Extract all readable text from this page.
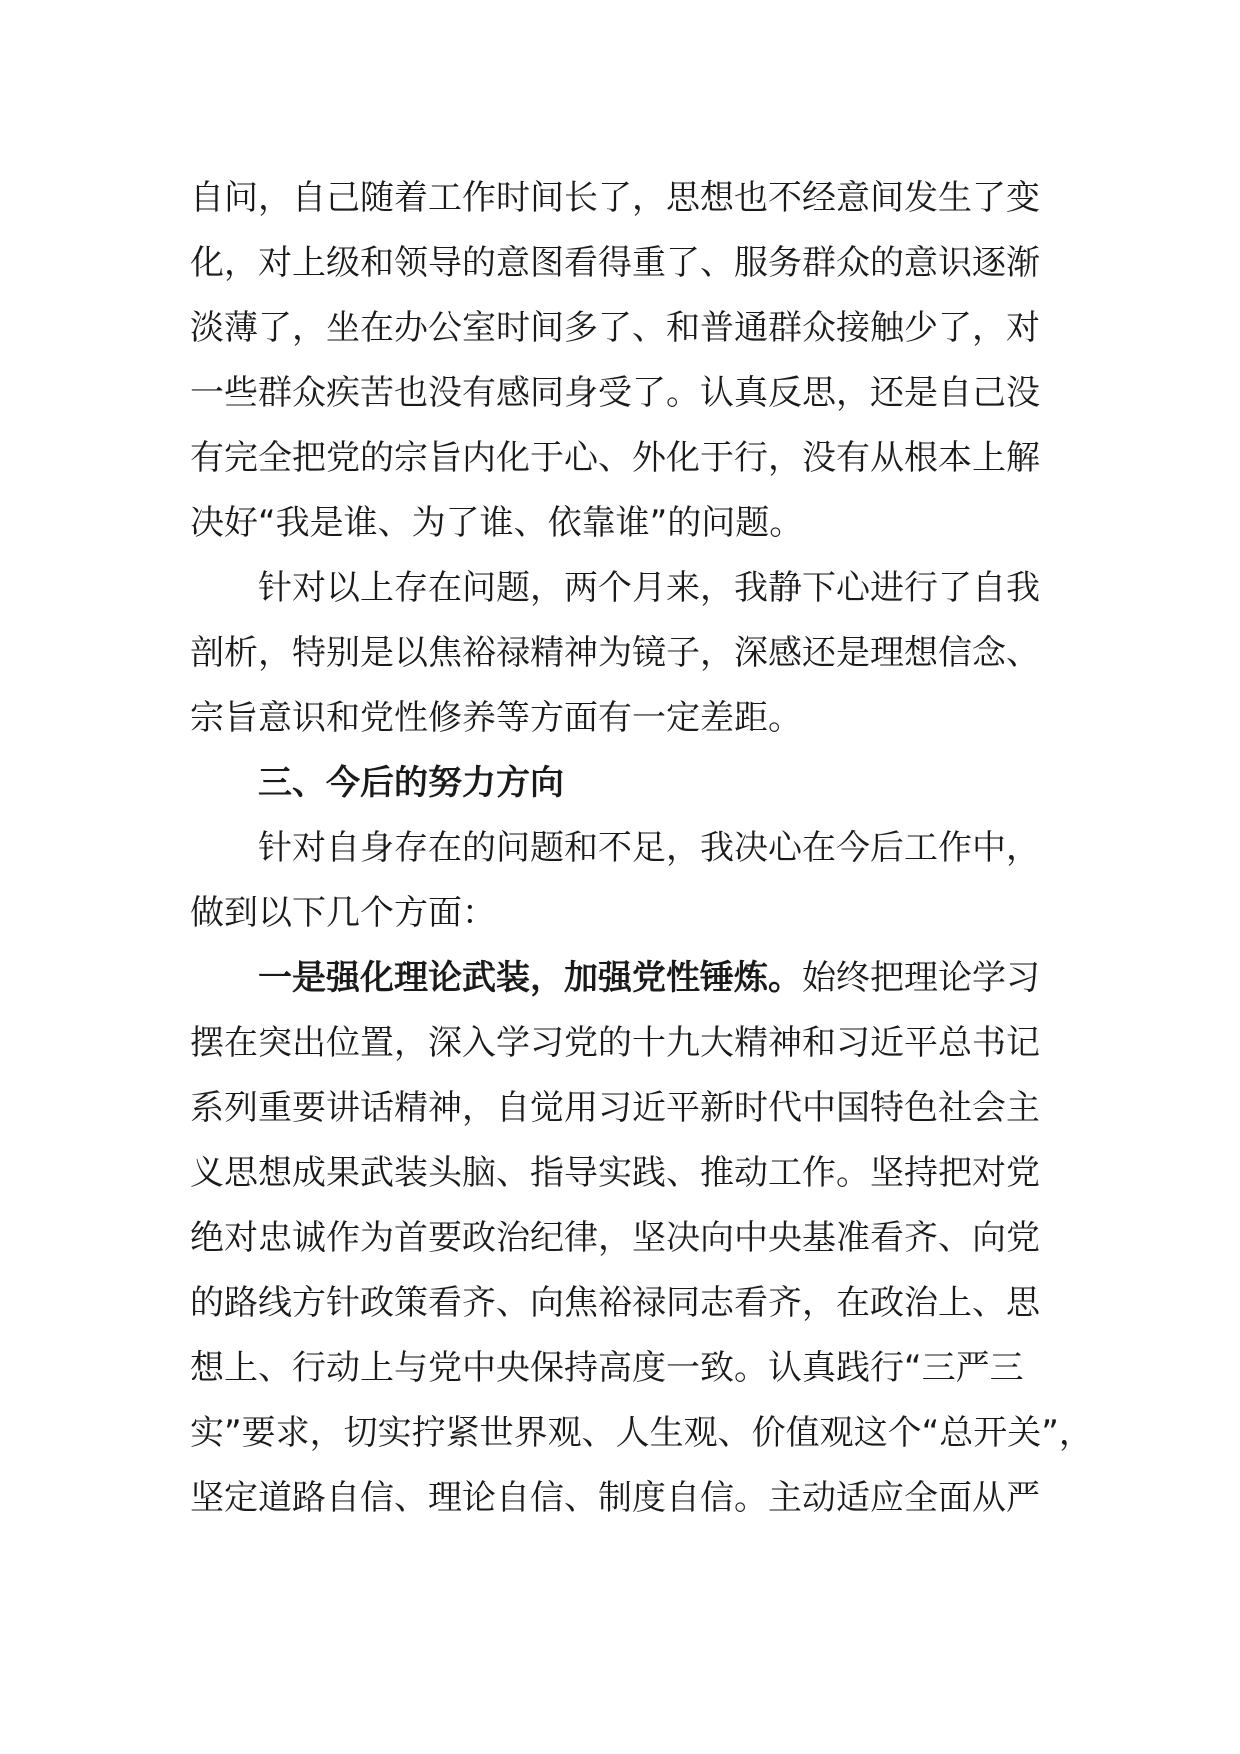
自问，自己随着工作时间长了，思想也不经意间发生了变
化，对上级和领导的意图看得重了、服务群众的意识逐渐
淡薄了，坐在办公室时间多了、和普通群众接触少了，对
一些群众疾苦也没有感同身受了。认真反思，还是自己没
有完全把党的宗旨内化于心、外化于行，没有从根本上解
决好“我是谁、为了谁、依靠谁”的问题。
针对以上存在问题，两个月来，我静下心进行了自我
剖析，特别是以焦裕禄精神为镜子，深感还是理想信念、
宗旨意识和党性修养等方面有一定差距。
三、今后的努力方向
针对自身存在的问题和不足，我决心在今后工作中，
做到以下几个方面：
一是强化理论武装，加强党性锤炼。始终把理论学习
摆在突出位置，深入学习党的十九大精神和习近平总书记
系列重要讲话精神，自觉用习近平新时代中国特色社会主
义思想成果武装头脑、指导实践、推动工作。坚持把对党
绝对忠诚作为首要政治纪律，坚决向中央基准看齐、向党
的路线方针政策看齐、向焦裕禄同志看齐，在政治上、思
想上、行动上与党中央保持高度一致。认真践行“三严三
实”要求，切实拧紧世界观、人生观、价值观这个“总开关”，
坚定道路自信、理论自信、制度自信。主动适应全面从严
